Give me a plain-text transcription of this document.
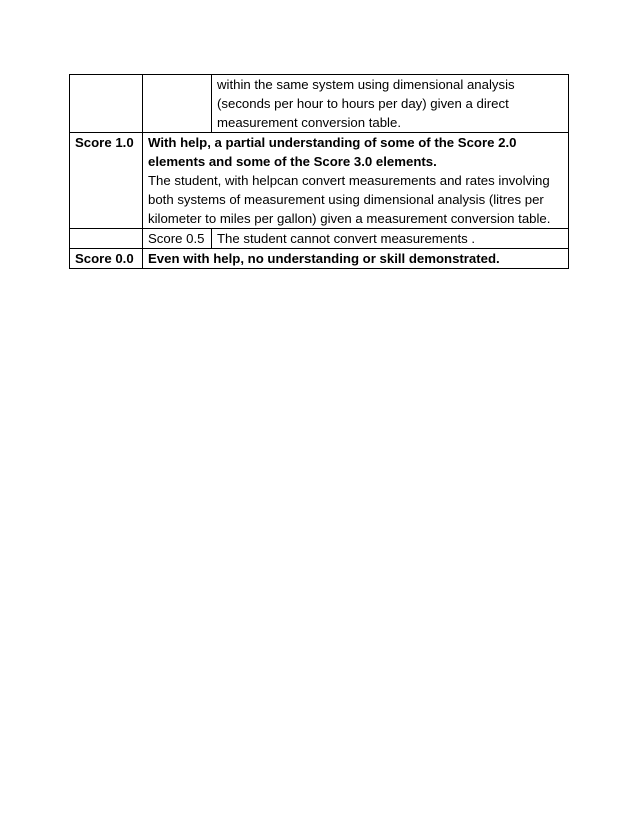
		within the same system using dimensional analysis (seconds per hour to hours per day) given a direct measurement conversion table.
Score 1.0	With help, a partial understanding of some of the Score 2.0 elements and some of the Score 3.0 elements.

The student, with helpcan convert measurements and rates involving both systems of measurement using dimensional analysis (litres per kilometer to miles per gallon) given a measurement conversion table.	

	Score 0.5	The student cannot convert measurements .
Score 0.0	Even with help, no understanding or skill demonstrated.	
